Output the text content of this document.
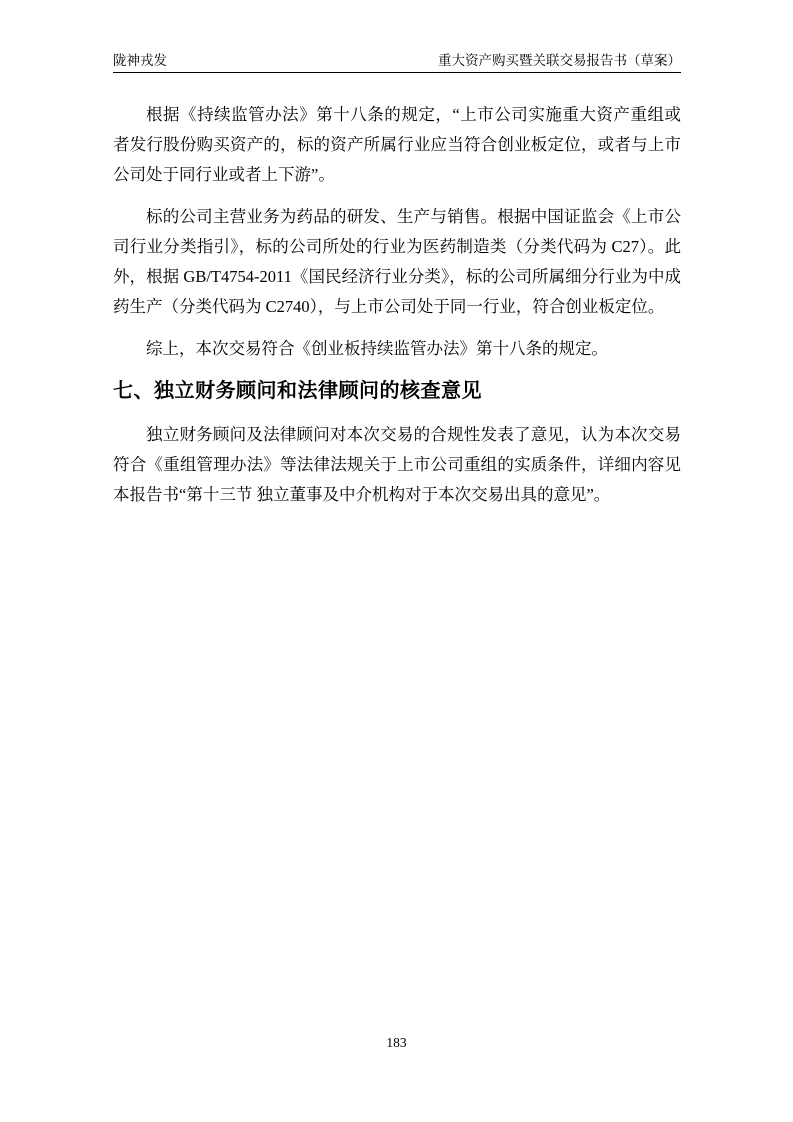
陇神戎发	重大资产购买暨关联交易报告书（草案）

根据《持续监管办法》第十八条的规定，“上市公司实施重大资产重组或者发行股份购买资产的，标的资产所属行业应当符合创业板定位，或者与上市公司处于同行业或者上下游”。

标的公司主营业务为药品的研发、生产与销售。根据中国证监会《上市公司行业分类指引》，标的公司所处的行业为医药制造类（分类代码为 C27）。此外，根据 GB/T4754-2011《国民经济行业分类》，标的公司所属细分行业为中成药生产（分类代码为 C2740），与上市公司处于同一行业，符合创业板定位。

综上，本次交易符合《创业板持续监管办法》第十八条的规定。

七、独立财务顾问和法律顾问的核查意见

独立财务顾问及法律顾问对本次交易的合规性发表了意见，认为本次交易符合《重组管理办法》等法律法规关于上市公司重组的实质条件，详细内容见本报告书“第十三节 独立董事及中介机构对于本次交易出具的意见”。

183
